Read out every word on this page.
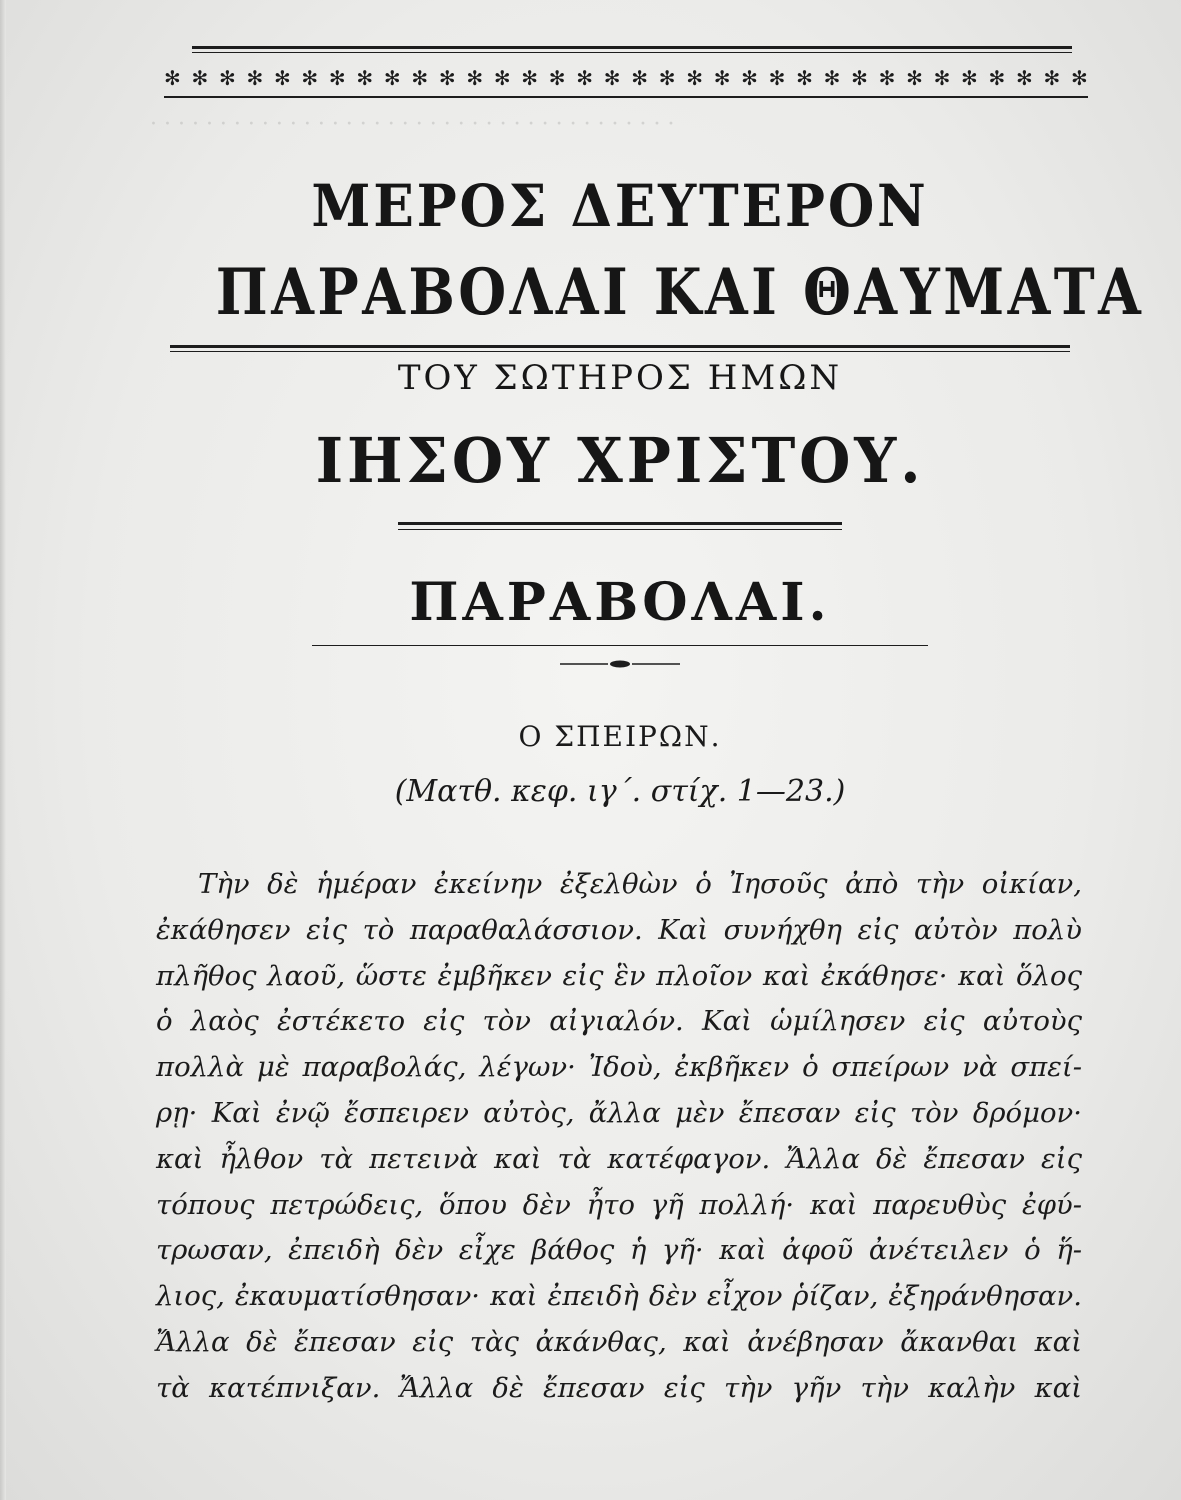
· · · · · · · · · · · · · · · · · · · · · · · · · · · · · · · · · · · · · ·
✻ ✻ ✻ ✻ ✻ ✻ ✻ ✻ ✻ ✻ ✻ ✻ ✻ ✻ ✻ ✻ ✻ ✻ ✻ ✻ ✻ ✻ ✻ ✻ ✻ ✻ ✻ ✻ ✻ ✻ ✻ ✻ ✻ ✻
ΜΕΡΟΣ ΔΕΥΤΕΡΟΝ
ΠΑΡΑΒΟΛΑΙ ΚΑΙ ΘΑΥΜΑΤΑ
ΤΟΥ ΣΩΤΗΡΟΣ ΗΜΩΝ
ΙΗΣΟΥ ΧΡΙΣΤΟΥ.
ΠΑΡΑΒΟΛΑΙ.
Ο ΣΠΕΙΡΩΝ.
(Ματθ. κεφ. ιγ΄. στίχ. 1—23.)
Τὴν δὲ ἡμέραν ἐκείνην ἐξελθὼν ὁ Ἰησοῦς ἀπὸ τὴν οἰκίαν,
ἐκάθησεν εἰς τὸ παραθαλάσσιον. Καὶ συνήχθη εἰς αὐτὸν πολὺ
πλῆθος λαοῦ, ὥστε ἐμβῆκεν εἰς ἓν πλοῖον καὶ ἐκάθησε· καὶ ὅλος
ὁ λαὸς ἐστέκετο εἰς τὸν αἰγιαλόν. Καὶ ὡμίλησεν εἰς αὐτοὺς
πολλὰ μὲ παραβολάς, λέγων· Ἰδοὺ, ἐκβῆκεν ὁ σπείρων νὰ σπεί-
ρῃ· Καὶ ἐνῷ ἔσπειρεν αὐτὸς, ἄλλα μὲν ἔπεσαν εἰς τὸν δρόμον·
καὶ ἦλθον τὰ πετεινὰ καὶ τὰ κατέφαγον. Ἄλλα δὲ ἔπεσαν εἰς
τόπους πετρώδεις, ὅπου δὲν ἦτο γῆ πολλή· καὶ παρευθὺς ἐφύ-
τρωσαν, ἐπειδὴ δὲν εἶχε βάθος ἡ γῆ· καὶ ἀφοῦ ἀνέτειλεν ὁ ἥ-
λιος, ἐκαυματίσθησαν· καὶ ἐπειδὴ δὲν εἶχον ῥίζαν, ἐξηράνθησαν.
Ἄλλα δὲ ἔπεσαν εἰς τὰς ἀκάνθας, καὶ ἀνέβησαν ἄκανθαι καὶ
τὰ κατέπνιξαν. Ἄλλα δὲ ἔπεσαν εἰς τὴν γῆν τὴν καλὴν καὶ
